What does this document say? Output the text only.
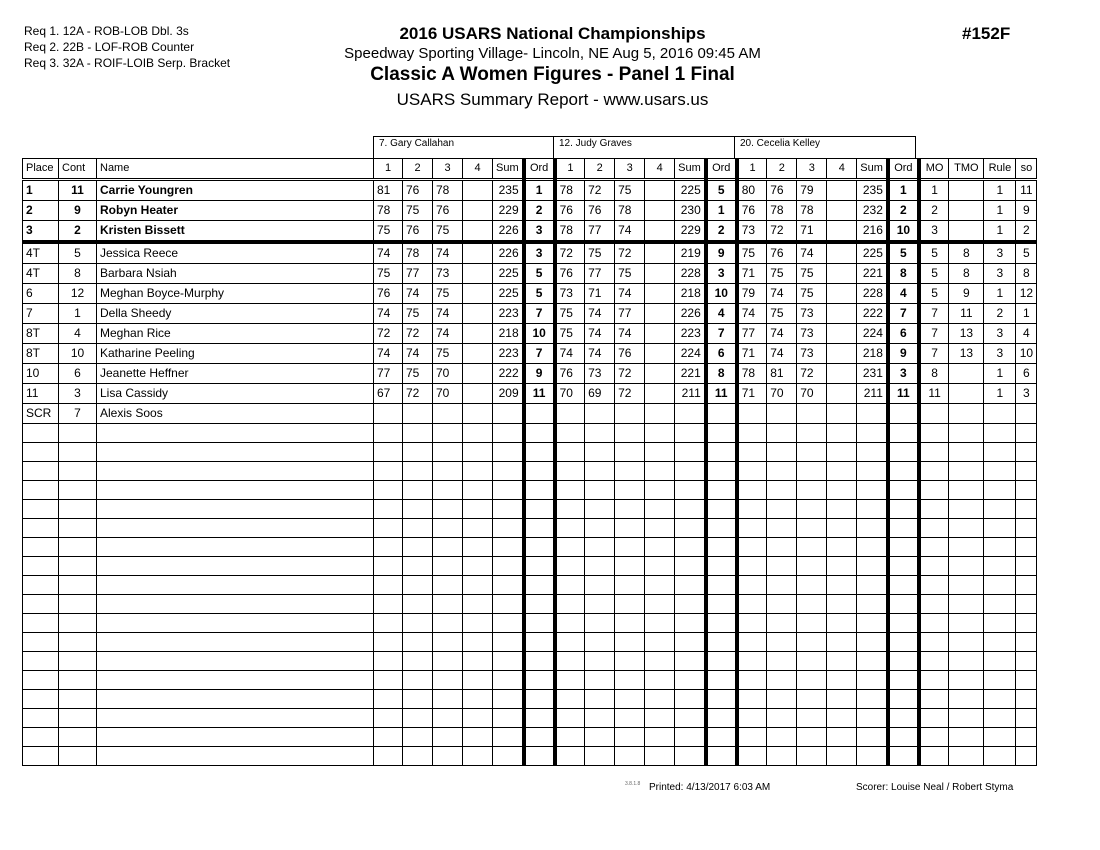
Req 1. 12A - ROB-LOB Dbl. 3s
Req 2. 22B - LOF-ROB Counter
Req 3. 32A - ROIF-LOIB Serp. Bracket
2016 USARS National Championships
Speedway Sporting Village- Lincoln, NE Aug 5, 2016 09:45 AM
Classic A Women Figures - Panel 1 Final
USARS Summary Report - www.usars.us
#152F
7. Gary Callahan	12. Judy Graves	20. Cecelia Kelley
Place	Cont	Name	1	2	3	4	Sum	Ord	1	2	3	4	Sum	Ord	1	2	3	4	Sum	Ord	MO	TMO	Rule	so
1	11	Carrie Youngren	81	76	78		235	1	78	72	75		225	5	80	76	79		235	1	1		1	11
2	9	Robyn Heater	78	75	76		229	2	76	76	78		230	1	76	78	78		232	2	2		1	9
3	2	Kristen Bissett	75	76	75		226	3	78	77	74		229	2	73	72	71		216	10	3		1	2
4T	5	Jessica Reece	74	78	74		226	3	72	75	72		219	9	75	76	74		225	5	5	8	3	5
4T	8	Barbara Nsiah	75	77	73		225	5	76	77	75		228	3	71	75	75		221	8	5	8	3	8
6	12	Meghan Boyce-Murphy	76	74	75		225	5	73	71	74		218	10	79	74	75		228	4	5	9	1	12
7	1	Della Sheedy	74	75	74		223	7	75	74	77		226	4	74	75	73		222	7	7	11	2	1
8T	4	Meghan Rice	72	72	74		218	10	75	74	74		223	7	77	74	73		224	6	7	13	3	4
8T	10	Katharine Peeling	74	74	75		223	7	74	74	76		224	6	71	74	73		218	9	7	13	3	10
10	6	Jeanette Heffner	77	75	70		222	9	76	73	72		221	8	78	81	72		231	3	8		1	6
11	3	Lisa Cassidy	67	72	70		209	11	70	69	72		211	11	71	70	70		211	11	11		1	3
SCR	7	Alexis Soos																						

3.8.1.8 Printed: 4/13/2017 6:03 AM	Scorer: Louise Neal / Robert Styma
